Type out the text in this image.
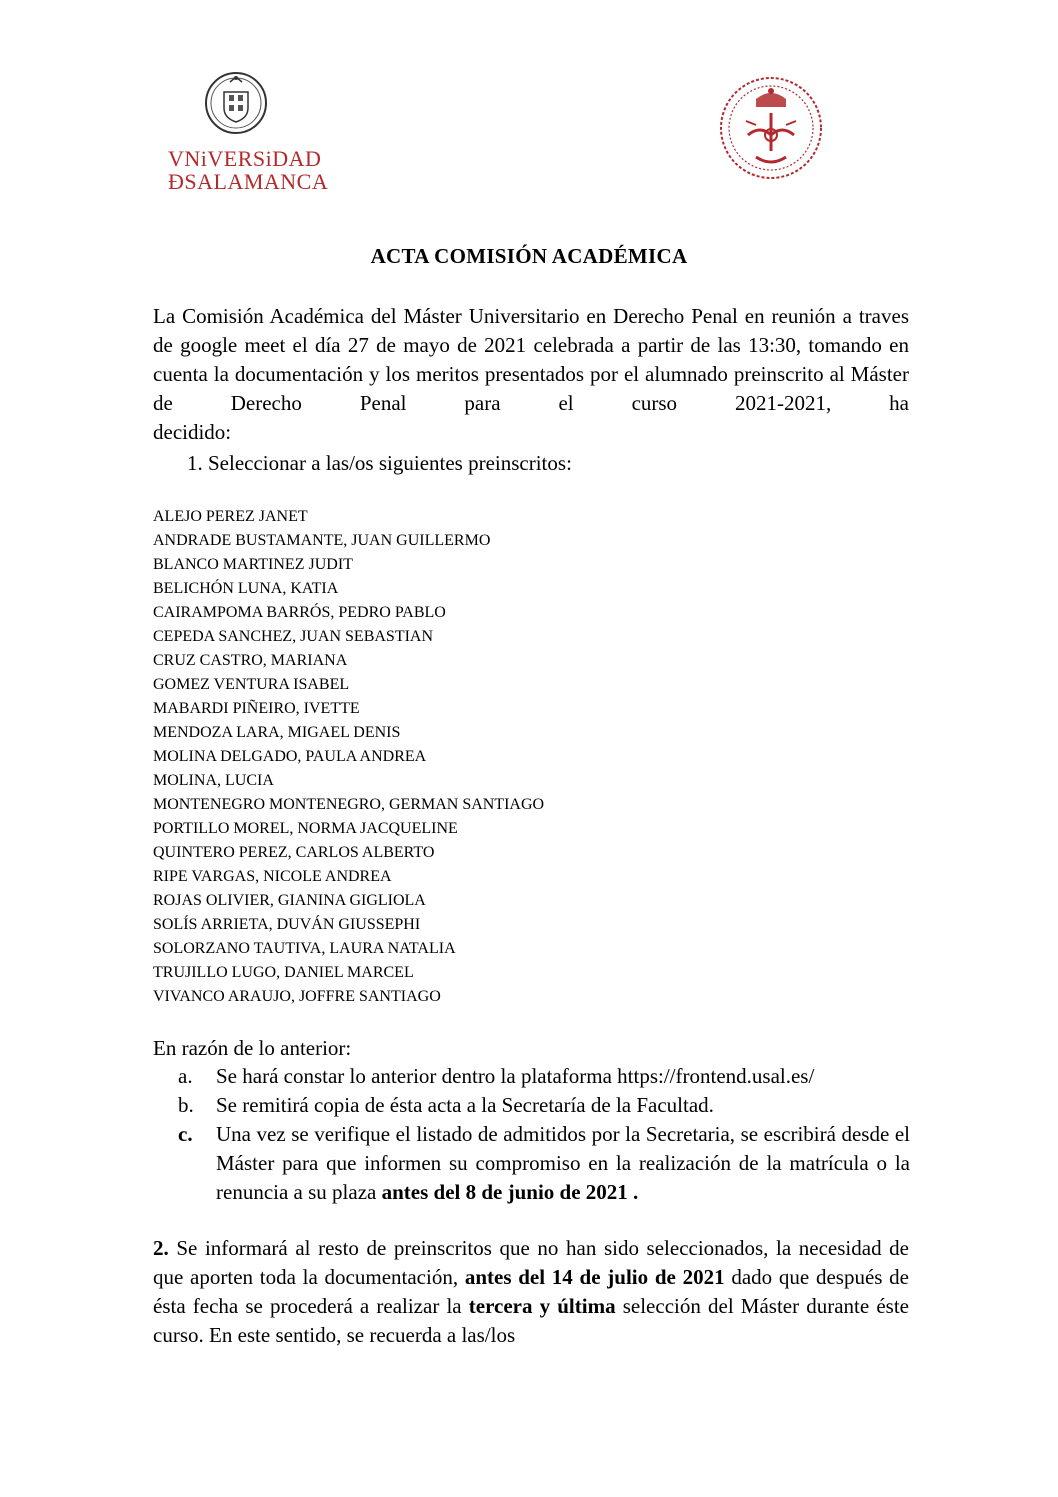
VNiVERSiDAD
ÐSALAMANCA
ACTA COMISIÓN ACADÉMICA
La Comisión Académica del Máster Universitario en Derecho Penal en reunión a traves de google meet el día 27 de mayo de 2021 celebrada a partir de las 13:30, tomando en cuenta la documentación y los meritos presentados por el alumnado preinscrito al Máster de Derecho Penal para el curso 2021-2021, ha
decidido:
1. Seleccionar a las/os siguientes preinscritos:
ALEJO PEREZ JANET
ANDRADE BUSTAMANTE, JUAN GUILLERMO
BLANCO MARTINEZ JUDIT
BELICHÓN LUNA, KATIA
CAIRAMPOMA BARRÓS, PEDRO PABLO
CEPEDA SANCHEZ, JUAN SEBASTIAN
CRUZ CASTRO, MARIANA
GOMEZ VENTURA ISABEL
MABARDI PIÑEIRO, IVETTE
MENDOZA LARA, MIGAEL DENIS
MOLINA DELGADO, PAULA ANDREA
MOLINA, LUCIA
MONTENEGRO MONTENEGRO, GERMAN SANTIAGO
PORTILLO MOREL, NORMA JACQUELINE
QUINTERO PEREZ, CARLOS ALBERTO
RIPE VARGAS, NICOLE ANDREA
ROJAS OLIVIER, GIANINA GIGLIOLA
SOLÍS ARRIETA, DUVÁN GIUSSEPHI
SOLORZANO TAUTIVA, LAURA NATALIA
TRUJILLO LUGO, DANIEL MARCEL
VIVANCO ARAUJO, JOFFRE SANTIAGO
En razón de lo anterior:
a. Se hará constar lo anterior dentro la plataforma https://frontend.usal.es/
b. Se remitirá copia de ésta acta a la Secretaría de la Facultad.
c. Una vez se verifique el listado de admitidos por la Secretaria, se escribirá desde el Máster para que informen su compromiso en la realización de la matrícula o la renuncia a su plaza antes del 8 de junio de 2021 .
2. Se informará al resto de preinscritos que no han sido seleccionados, la necesidad de que aporten toda la documentación, antes del 14 de julio de 2021 dado que después de ésta fecha se procederá a realizar la tercera y última selección del Máster durante éste curso. En este sentido, se recuerda a las/los
